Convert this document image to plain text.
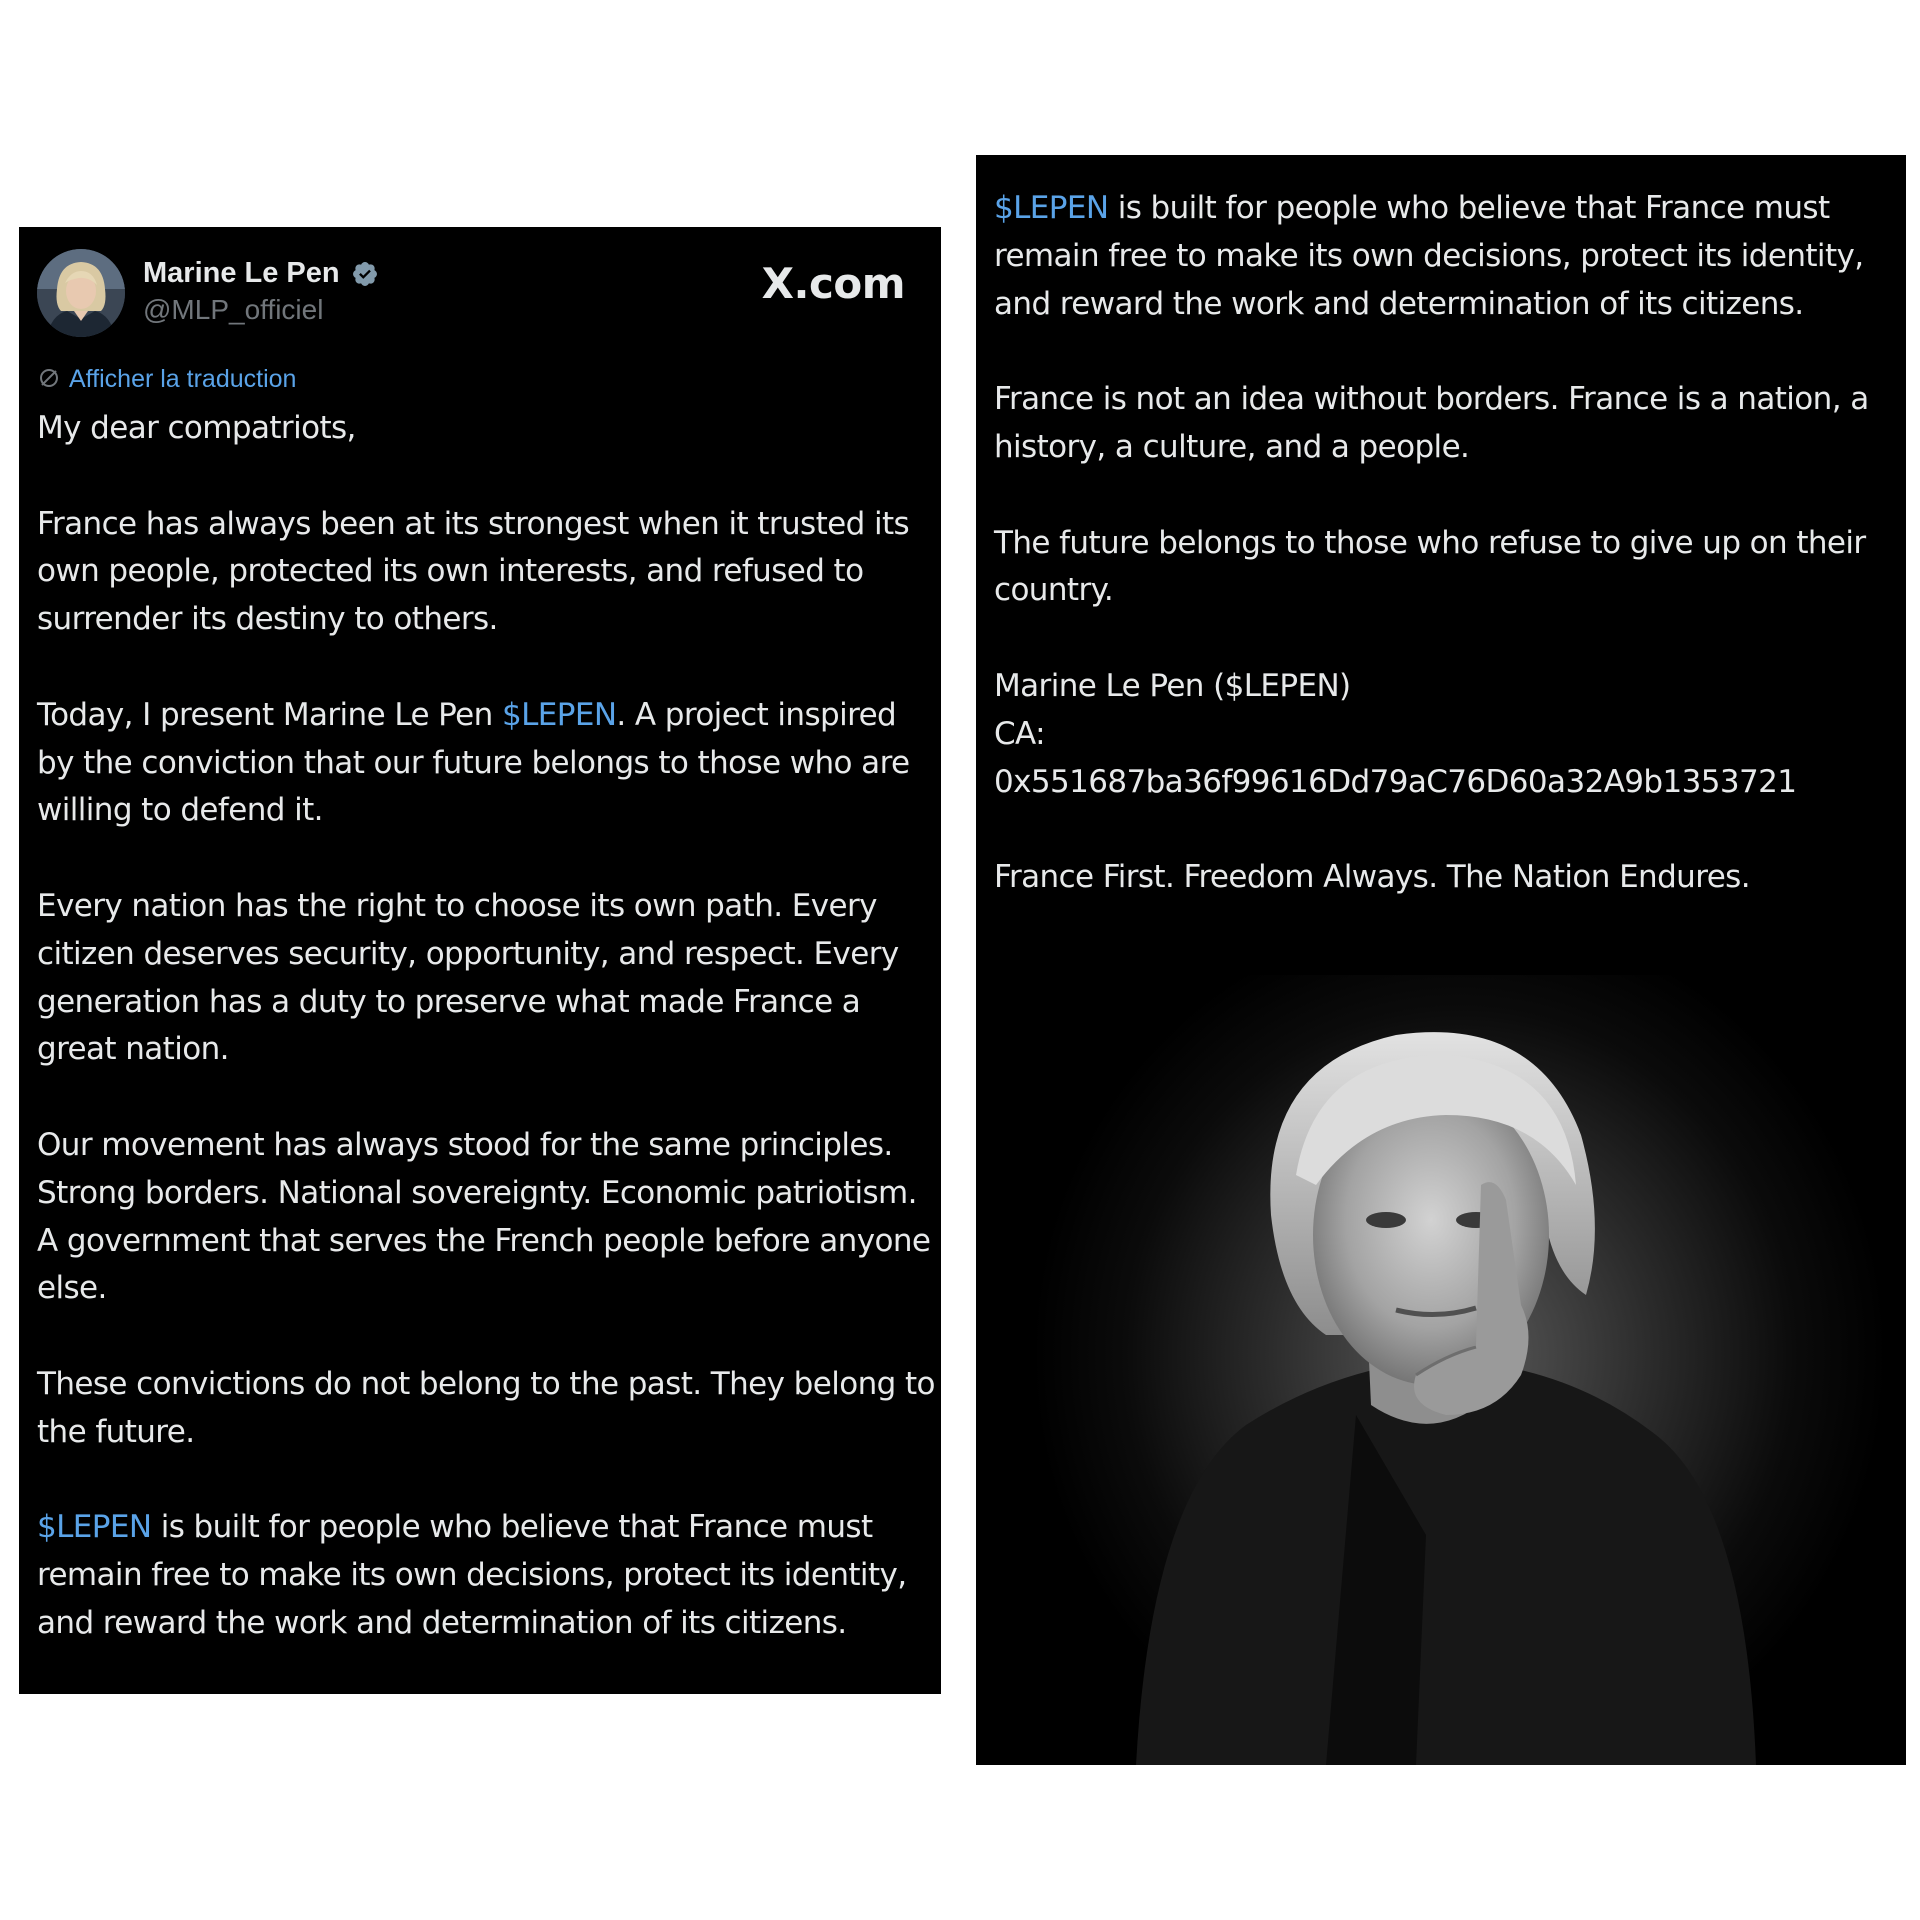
Marine Le Pen
@MLP_officiel
X.com
Afficher la traduction

My dear compatriots,

France has always been at its strongest when it trusted its own people, protected its own interests, and refused to surrender its destiny to others.

Today, I present Marine Le Pen $LEPEN. A project inspired by the conviction that our future belongs to those who are willing to defend it.

Every nation has the right to choose its own path. Every citizen deserves security, opportunity, and respect. Every generation has a duty to preserve what made France a great nation.

Our movement has always stood for the same principles. Strong borders. National sovereignty. Economic patriotism. A government that serves the French people before anyone else.

These convictions do not belong to the past. They belong to the future.

$LEPEN is built for people who believe that France must remain free to make its own decisions, protect its identity, and reward the work and determination of its citizens.

$LEPEN is built for people who believe that France must remain free to make its own decisions, protect its identity, and reward the work and determination of its citizens.

France is not an idea without borders. France is a nation, a history, a culture, and a people.

The future belongs to those who refuse to give up on their country.

Marine Le Pen ($LEPEN)
CA:
0x551687ba36f99616Dd79aC76D60a32A9b1353721

France First. Freedom Always. The Nation Endures.
